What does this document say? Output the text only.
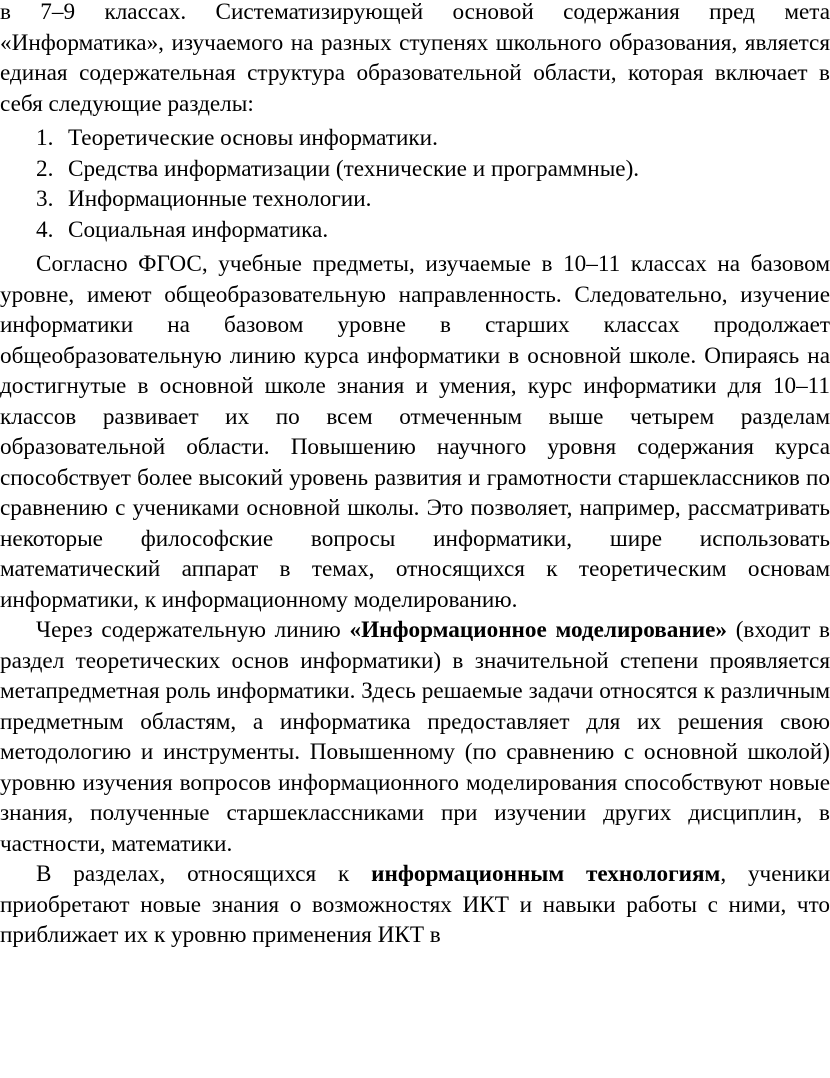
в 7–9 классах. Систематизирующей основой содержания пред мета «Информатика», изучаемого на разных ступенях школьного образования, является единая содержательная структура образовательной области, которая включает в себя следующие разделы:

1. Теоретические основы информатики.
2. Средства информатизации (технические и программные).
3. Информационные технологии.
4. Социальная информатика.

Согласно ФГОС, учебные предметы, изучаемые в 10–11 классах на базовом уровне, имеют общеобразовательную направленность. Следовательно, изучение информатики на базовом уровне в старших классах продолжает общеобразовательную линию курса информатики в основной школе. Опираясь на достигнутые в основной школе знания и умения, курс информатики для 10–11 классов развивает их по всем отмеченным выше четырем разделам образовательной области. Повышению научного уровня содержания курса способствует более высокий уровень развития и грамотности старшеклассников по сравнению с учениками основной школы. Это позволяет, например, рассматривать некоторые философские вопросы информатики, шире использовать математический аппарат в темах, относящихся к теоретическим основам информатики, к информационному моделированию.

Через содержательную линию «Информационное моделирование» (входит в раздел теоретических основ информатики) в значительной степени проявляется метапредметная роль информатики. Здесь решаемые задачи относятся к различным предметным областям, а информатика предоставляет для их решения свою методологию и инструменты. Повышенному (по сравнению с основной школой) уровню изучения вопросов информационного моделирования способствуют новые знания, полученные старшеклассниками при изучении других дисциплин, в частности, математики.

В разделах, относящихся к информационным технологиям, ученики приобретают новые знания о возможностях ИКТ и навыки работы с ними, что приближает их к уровню применения ИКТ в
